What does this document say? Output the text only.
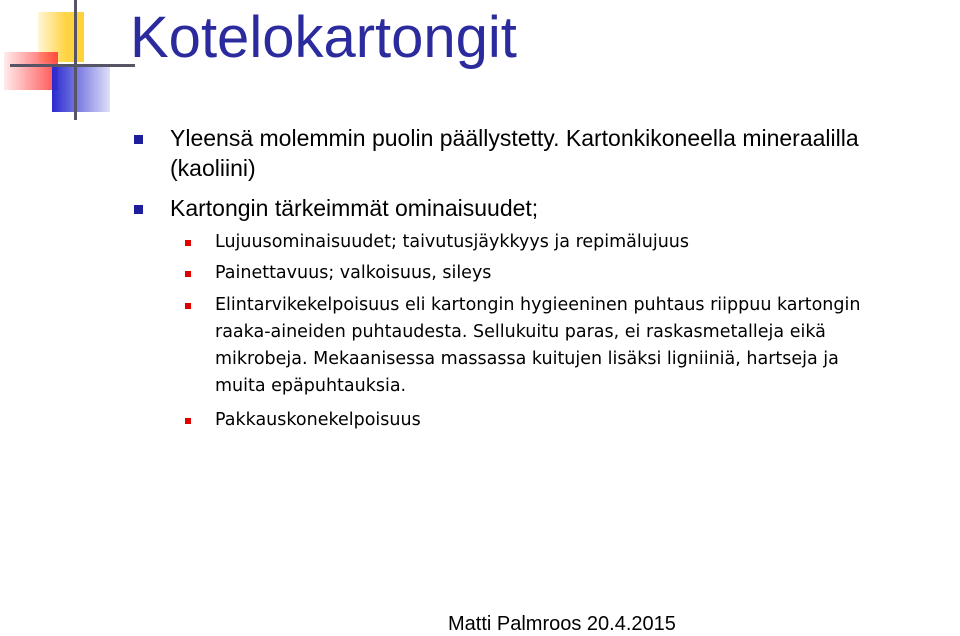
Kotelokartongit
Yleensä molemmin puolin päällystetty. Kartonkikoneella mineraalilla
(kaoliini)
Kartongin tärkeimmät ominaisuudet;
Lujuusominaisuudet; taivutusjäykkyys ja repimälujuus
Painettavuus; valkoisuus, sileys
Elintarvikekelpoisuus eli kartongin hygieeninen puhtaus riippuu kartongin
raaka-aineiden puhtaudesta. Sellukuitu paras, ei raskasmetalleja eikä
mikrobeja. Mekaanisessa massassa kuitujen lisäksi ligniiniä, hartseja ja
muita epäpuhtauksia.
Pakkauskonekelpoisuus
Matti Palmroos 20.4.2015
